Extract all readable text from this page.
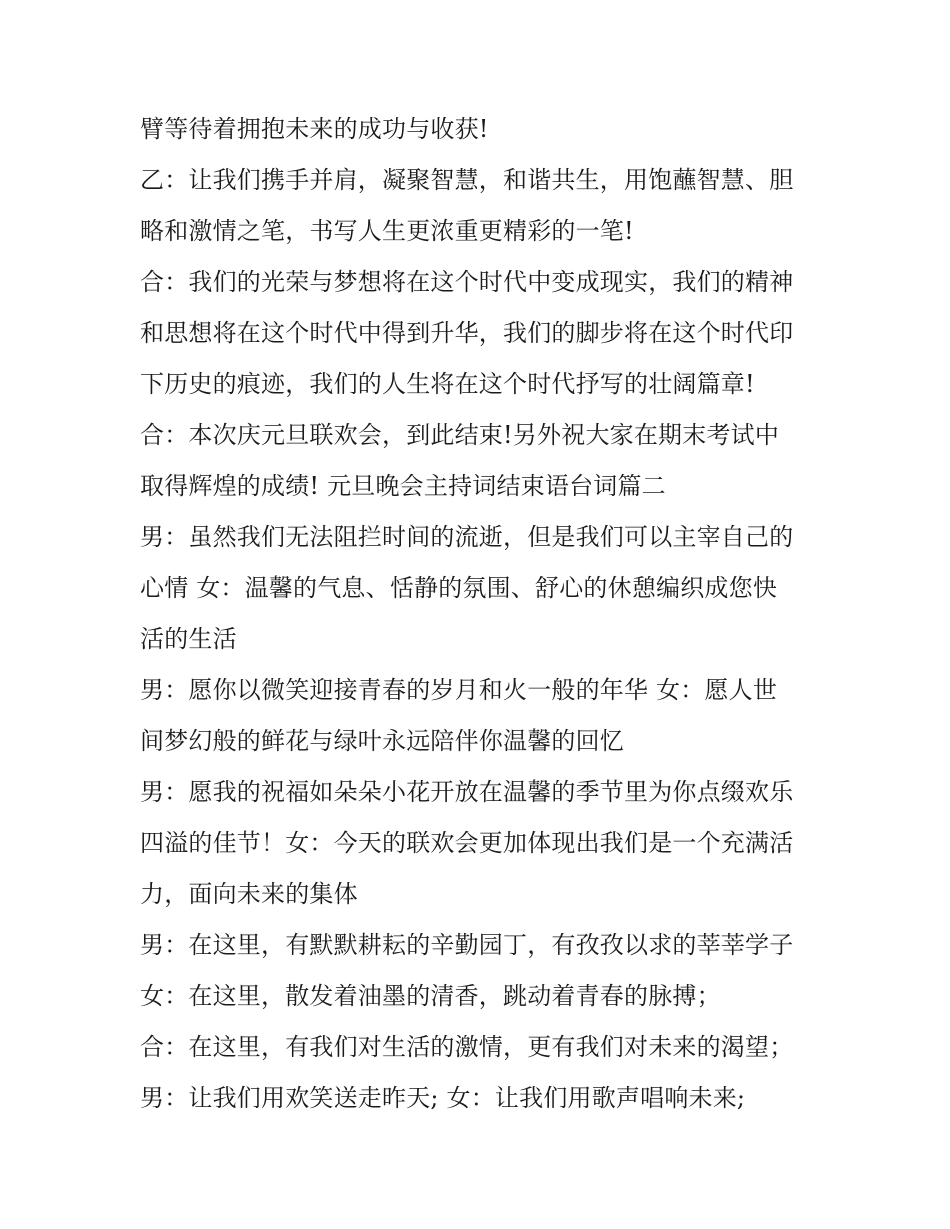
臂等待着拥抱未来的成功与收获!
乙：让我们携手并肩，凝聚智慧，和谐共生，用饱蘸智慧、胆
略和激情之笔，书写人生更浓重更精彩的一笔!
合：我们的光荣与梦想将在这个时代中变成现实，我们的精神
和思想将在这个时代中得到升华，我们的脚步将在这个时代印
下历史的痕迹，我们的人生将在这个时代抒写的壮阔篇章!
合：本次庆元旦联欢会，到此结束!另外祝大家在期末考试中
取得辉煌的成绩! 元旦晚会主持词结束语台词篇二
男：虽然我们无法阻拦时间的流逝，但是我们可以主宰自己的
心情 女：温馨的气息、恬静的氛围、舒心的休憩编织成您快
活的生活
男：愿你以微笑迎接青春的岁月和火一般的年华 女：愿人世
间梦幻般的鲜花与绿叶永远陪伴你温馨的回忆
男：愿我的祝福如朵朵小花开放在温馨的季节里为你点缀欢乐
四溢的佳节！女：今天的联欢会更加体现出我们是一个充满活
力，面向未来的集体
男：在这里，有默默耕耘的辛勤园丁，有孜孜以求的莘莘学子
女：在这里，散发着油墨的清香，跳动着青春的脉搏；
合：在这里，有我们对生活的激情，更有我们对未来的渴望；
男：让我们用欢笑送走昨天; 女：让我们用歌声唱响未来;
